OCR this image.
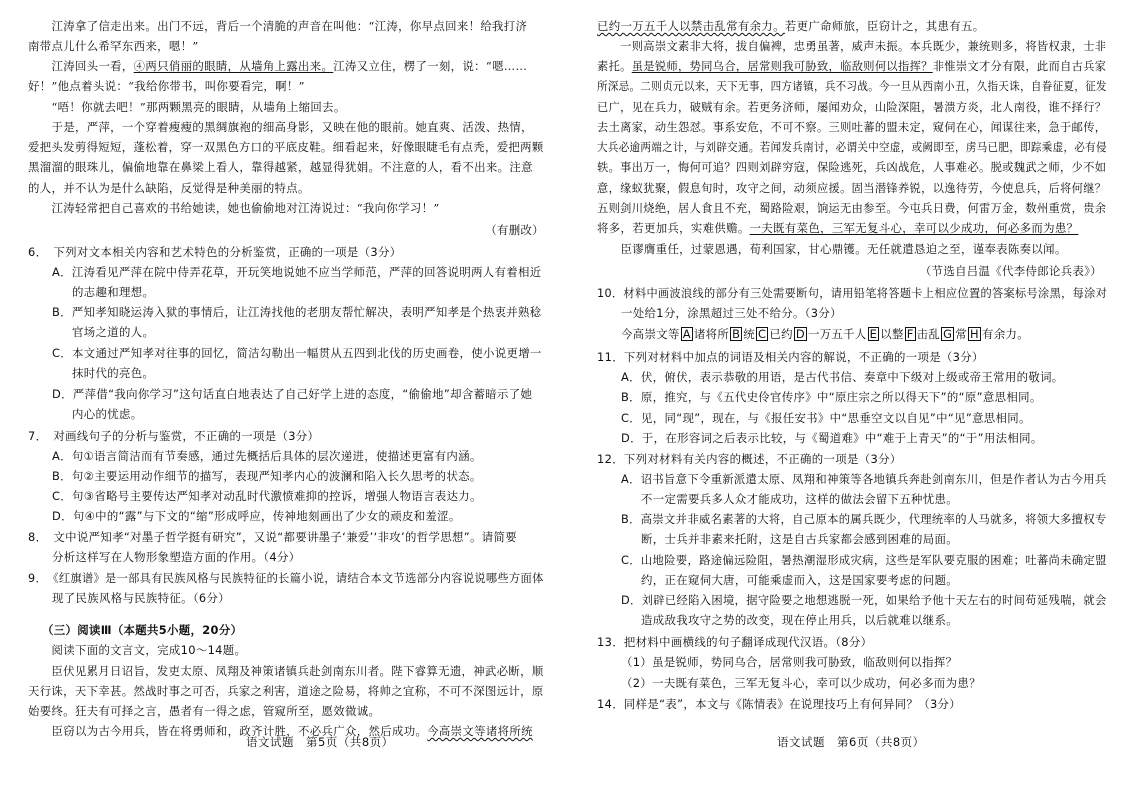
　　江涛拿了信走出来。出门不远，背后一个清脆的声音在叫他：“江涛，你早点回来！给我打济
南带点儿什么希罕东西来，嗯！”
　　江涛回头一看，④两只俏丽的眼睛，从墙角上露出来。江涛又立住，楞了一刻，说：“嗯……
好！”他点着头说：“我给你带书，叫你要看完，啊！”
　　“唔！你就去吧！”那两颗黑亮的眼睛，从墙角上缩回去。
　　于是，严萍，一个穿着瘦瘦的黑绸旗袍的细高身影，又映在他的眼前。她直爽、活泼、热情，
爱把头发剪得短短，蓬松着，穿一双黑色方口的平底皮鞋。细看起来，好像眼睫毛有点秃，爱把两颗
黑溜溜的眼珠儿，偏偷地靠在鼻梁上看人，靠得越紧，越显得犹娟。不注意的人，看不出来。注意
的人，并不认为是什么缺陷，反觉得是种美丽的特点。
　　江涛轻常把自己喜欢的书给她读，她也偷偷地对江涛说过：“我向你学习！”
（有删改）
6．　下列对文本相关内容和艺术特色的分析鉴赏，正确的一项是（3分）
A．江涛看见严萍在院中侍弄花草，开玩笑地说她不应当学师范，严萍的回答说明两人有着相近
的志趣和理想。
B．严知孝知晓运涛入狱的事情后，让江涛找他的老朋友帮忙解决，表明严知孝是个热衷并熟稔
官场之道的人。
C．本文通过严知孝对往事的回忆，简洁勾勒出一幅贯从五四到北伐的历史画卷，使小说更增一
抹时代的亮色。
D．严萍借“我向你学习”这句话直白地表达了自己好学上进的态度，“偷偷地”却含蓄暗示了她
内心的忧虑。
7．　对画线句子的分析与鉴赏，不正确的一项是（3分）
A．句①语言简洁而有节奏感，通过先概括后具体的层次递进，使描述更富有内涵。
B．句②主要运用动作细节的描写，表现严知孝内心的波澜和陷入长久思考的状态。
C．句③省略号主要传达严知孝对动乱时代激愤难抑的控诉，增强人物语言表达力。
D．句④中的“露”与下文的“缩”形成呼应，传神地刻画出了少女的顽皮和羞涩。
8．　文中说严知孝“对墨子哲学挺有研究”，又说“都要讲墨子‘兼爱’‘非攻’的哲学思想”。请简要
分析这样写在人物形象塑造方面的作用。（4分）
9．　《红旗谱》是一部具有民族风格与民族特征的长篇小说，请结合本文节选部分内容说说哪些方面体
现了民族风格与民族特征。（6分）
（三）阅读Ⅲ（本题共5小题，20分）
　　阅读下面的文言文，完成10～14题。
　　臣伏见累月日诏旨，发吏太原、凤翔及神策诸镇兵赴剑南东川者。陛下睿算无遗，神武必断，顺
天行诛，天下幸甚。然战时事之可否，兵家之利害，道途之险易，将帅之宜称，不可不深图远计，原
始要终。狂夫有可择之言，愚者有一得之虑，管窥所至，愿效微诚。
　　臣窃以为古今用兵，皆在将勇师和，政齐计胜，不必兵广众，然后成功。今高崇文等诸将所统
语文试题　第5页（共8页）
已约一万五千人以禁击乱常有余力。若更广命师旅，臣窃计之，其患有五。
　　一则高崇文素非大将，拔自偏裨，忠勇虽著，威声未振。本兵既少，兼统则多，将皆权隶，士非
素托。虽是锐师，势同乌合，居常则我可胁致，临敌则何以指挥？非惟崇文才分有限，此而自古兵家
所深忌。二则贞元以来，天下无事，四方诸镇，兵不习战。今一旦从西南小丑，久指天诛，自眷征夏，征发
已广，见在兵力，破贼有余。若更务济师，屡闻劝众，山险深阻，暑溃方炎，北人南役，谁不择行？
去土离家，动生怨怼。事系安危，不可不察。三则吐蕃的盟未定，窥伺在心，闻谋往来，急于邮传，
大兵必逾两端之计，与刘辟交通。若闻发兵南讨，必谓关中空虚，或阙即至，虏马已肥，即踪乘虚，必有侵
轶。事出万一，悔何可追？四则刘辟穷寇，保险逃死，兵凶战危，人事难必。脱或魏武之师，少不如
意，缘蚁犹聚，假息旬时，攻守之间，动须应援。固当潜锋养锐，以逸待劳，今使息兵，后将何继？
五则剑川烧绝，居人食且不充，蜀路险艰，饷运无由参至。今屯兵日费，何雷万金，数州重赏，贵余
将多，若更加兵，实难供赡。一夫既有菜色，三军无复斗心，幸可以少成功，何必多而为患？
　　臣谬膺重任，过蒙恩遇，荀利国家，甘心鼎镬。无任就遣恳迫之至，谨奉表陈奏以闻。
（节选自吕温《代李侍郎论兵表》）
10．材料中画波浪线的部分有三处需要断句，请用铅笔将答题卡上相应位置的答案标号涂黑，每涂对
一处给1分，涂黑超过三处不给分。（3分）
今高崇文等 A 诸将所 B 统 C 已约 D 一万五千人 E 以整 F 击乱 G 常 H 有余力。
11．下列对材料中加点的词语及相关内容的解说，不正确的一项是（3分）
A．伏，俯伏，表示恭敬的用语，是古代书信、奏章中下级对上级或帝王常用的敬词。
B．原，推究，与《五代史伶官传序》中“原庄宗之所以得天下”的“原”意思相同。
C．见，同“现”，现在，与《报任安书》中“思垂空文以自见”中“见”意思相同。
D．于，在形容词之后表示比较，与《蜀道难》中“难于上青天”的“于”用法相同。
12．下列对材料有关内容的概述，不正确的一项是（3分）
A．诏书旨意下令重新派遣太原、凤翔和神策等各地镇兵奔赴剑南东川，但是作者认为古今用兵
不一定需要兵多人众才能成功，这样的做法会留下五种忧患。
B．高崇文并非威名素著的大将，自己原本的属兵既少，代理统率的人马就多，将领大多擅权专
断，士兵并非素来托附，这是自古兵家都会感到困难的局面。
C．山地险要，路途偏远险阻，暑热潮湿形成灾病，这些是军队要克服的困难；吐蕃尚未确定盟
约，正在窥伺大唐，可能乘虚而入，这是国家要考虑的问题。
D．刘辟已经陷入困境，据守险要之地想逃脱一死，如果给予他十天左右的时间苟延残喘，就会
造成敌我攻守之势的改变，现在停止用兵，以后就难以继系。
13．把材料中画横线的句子翻译成现代汉语。（8分）
（1）虽是锐师，势同乌合，居常则我可胁致，临敌则何以指挥？
（2）一夫既有菜色，三军无复斗心，幸可以少成功，何必多而为患？
14．同样是“表”，本文与《陈情表》在说理技巧上有何异同？（3分）
语文试题　第6页（共8页）
